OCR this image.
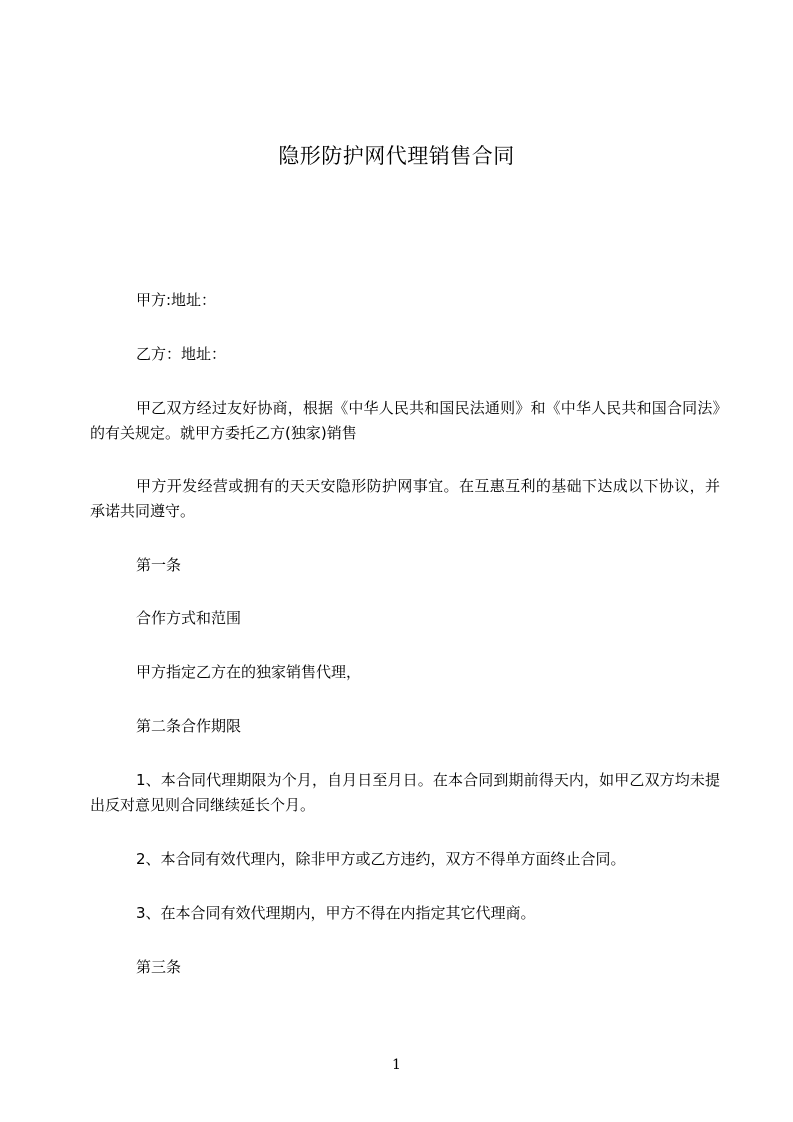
隐形防护网代理销售合同
甲方:地址：
乙方：地址：
甲乙双方经过友好协商，根据《中华人民共和国民法通则》和《中华人民共和国合同法》的有关规定。就甲方委托乙方(独家)销售
甲方开发经营或拥有的天天安隐形防护网事宜。在互惠互利的基础下达成以下协议，并承诺共同遵守。
第一条
合作方式和范围
甲方指定乙方在的独家销售代理，
第二条合作期限
1、本合同代理期限为个月，自月日至月日。在本合同到期前得天内，如甲乙双方均未提出反对意见则合同继续延长个月。
2、本合同有效代理内，除非甲方或乙方违约，双方不得单方面终止合同。
3、在本合同有效代理期内，甲方不得在内指定其它代理商。
第三条
1
